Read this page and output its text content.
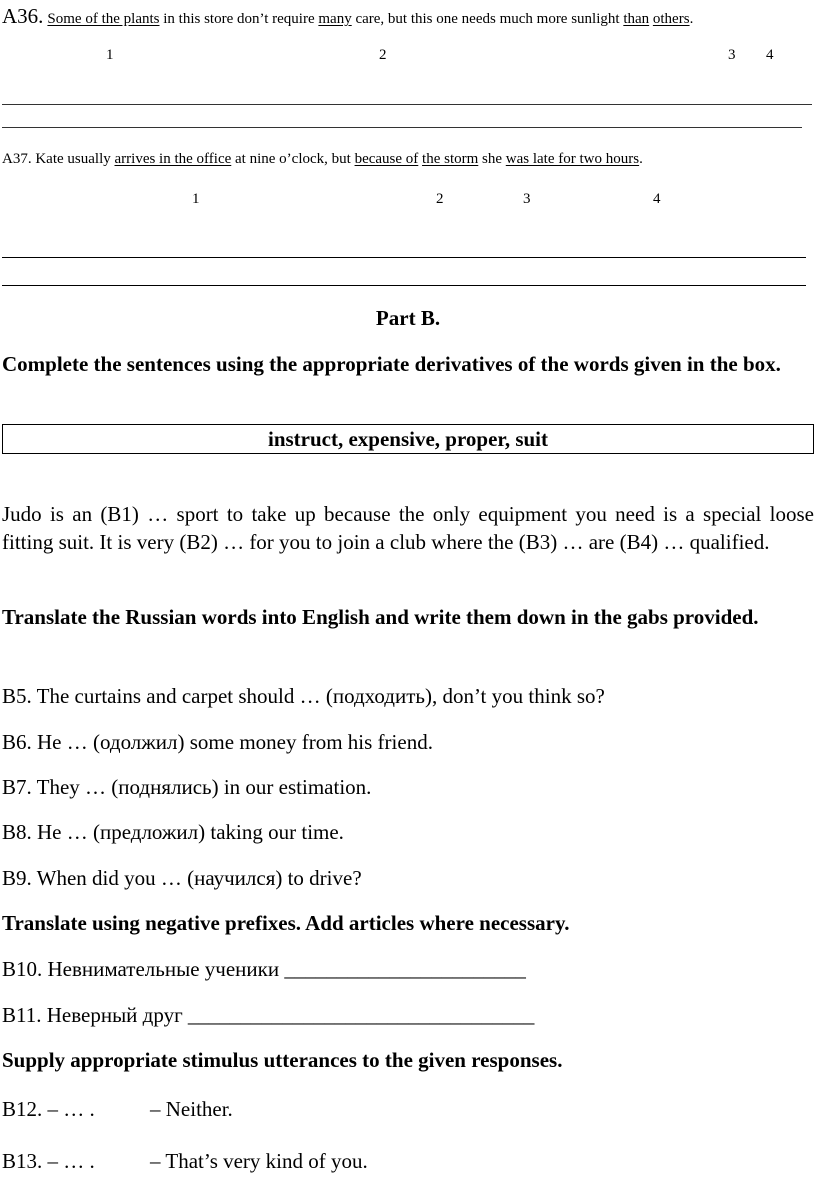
A36. Some of the plants in this store don’t require many care, but this one needs much more sunlight than others.
1	2	3 4
A37. Kate usually arrives in the office at nine o’clock, but because of the storm she was late for two hours.
1	2	3	4
Part B.
Complete the sentences using the appropriate derivatives of the words given in the box.
instruct, expensive, proper, suit
Judo is an (B1) … sport to take up because the only equipment you need is a special loose fitting suit. It is very (B2) … for you to join a club where the (B3) … are (B4) … qualified.
Translate the Russian words into English and write them down in the gabs provided.
B5. The curtains and carpet should … (подходить), don’t you think so?
B6. He … (одолжил) some money from his friend.
B7. They … (поднялись) in our estimation.
B8. He … (предложил) taking our time.
B9. When did you … (научился) to drive?
Translate using negative prefixes. Add articles where necessary.
B10. Невнимательные ученики _______________________
B11. Неверный друг _________________________________
Supply appropriate stimulus utterances to the given responses.
B12. – … .	– Neither.
B13. – … .	– That’s very kind of you.
